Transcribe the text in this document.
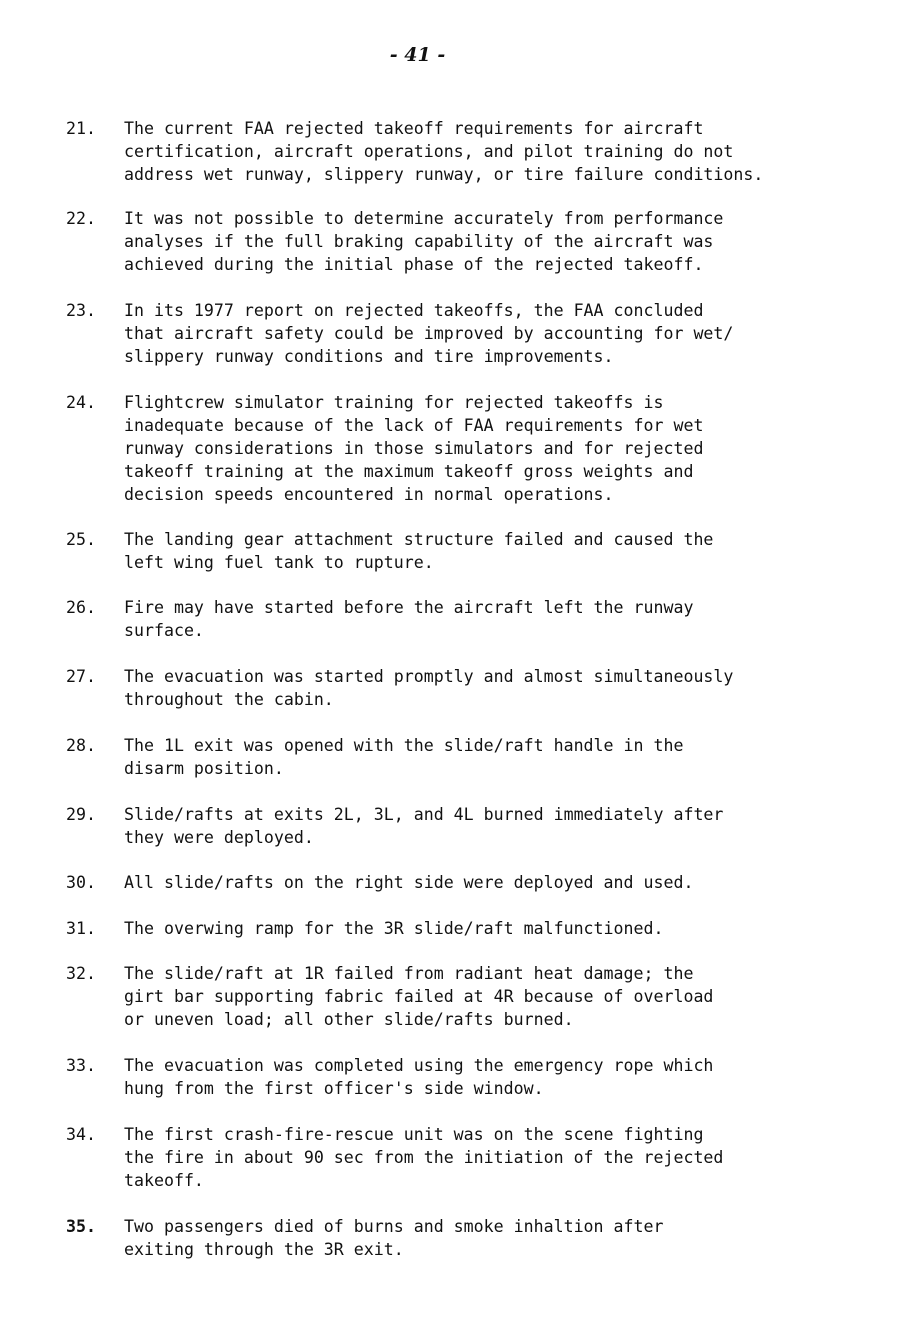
- 41 -
21.	The current FAA rejected takeoff requirements for aircraft
certification, aircraft operations, and pilot training do not
address wet runway, slippery runway, or tire failure conditions.
22.	It was not possible to determine accurately from performance
analyses if the full braking capability of the aircraft was
achieved during the initial phase of the rejected takeoff.
23.	In its 1977 report on rejected takeoffs, the FAA concluded
that aircraft safety could be improved by accounting for wet/
slippery runway conditions and tire improvements.
24.	Flightcrew simulator training for rejected takeoffs is
inadequate because of the lack of FAA requirements for wet
runway considerations in those simulators and for rejected
takeoff training at the maximum takeoff gross weights and
decision speeds encountered in normal operations.
25.	The landing gear attachment structure failed and caused the
left wing fuel tank to rupture.
26.	Fire may have started before the aircraft left the runway
surface.
27.	The evacuation was started promptly and almost simultaneously
throughout the cabin.
28.	The 1L exit was opened with the slide/raft handle in the
disarm position.
29.	Slide/rafts at exits 2L, 3L, and 4L burned immediately after
they were deployed.
30.	All slide/rafts on the right side were deployed and used.
31.	The overwing ramp for the 3R slide/raft malfunctioned.
32.	The slide/raft at 1R failed from radiant heat damage; the
girt bar supporting fabric failed at 4R because of overload
or uneven load; all other slide/rafts burned.
33.	The evacuation was completed using the emergency rope which
hung from the first officer's side window.
34.	The first crash-fire-rescue unit was on the scene fighting
the fire in about 90 sec from the initiation of the rejected
takeoff.
35.	Two passengers died of burns and smoke inhaltion after
exiting through the 3R exit.
